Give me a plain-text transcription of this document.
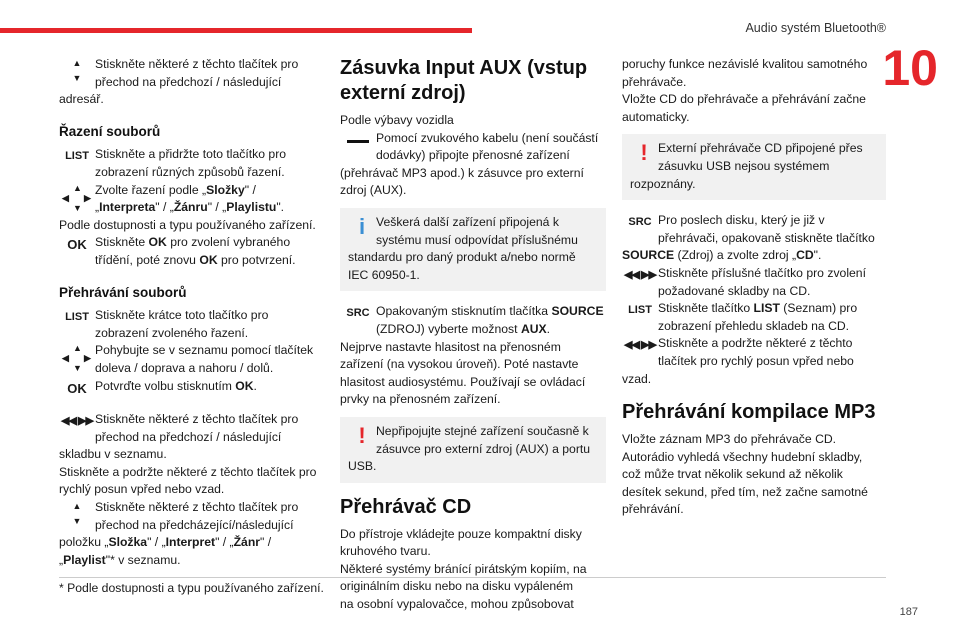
Audio systém Bluetooth®
10
▲
▼
Stiskněte některé z těchto tlačítek pro
přechod na předchozí / následující
adresář.
Řazení souborů
LIST Stiskněte a přidržte toto tlačítko pro
zobrazení různých způsobů řazení.
▲
◀ ▶
▼
Zvolte řazení podle „Složky" /
„Interpreta" / „Žánru" / „Playlistu".
Podle dostupnosti a typu používaného zařízení.
OK Stiskněte OK pro zvolení vybraného
třídění, poté znovu OK pro potvrzení.
Přehrávání souborů
LIST Stiskněte krátce toto tlačítko pro
zobrazení zvoleného řazení.
▲
◀ ▶
▼
Pohybujte se v seznamu pomocí tlačítek
doleva / doprava a nahoru / dolů.
OK Potvrďte volbu stisknutím OK.
◀◀ ▶▶ Stiskněte některé z těchto tlačítek pro
přechod na předchozí / následující
skladbu v seznamu.
Stiskněte a podržte některé z těchto tlačítek pro
rychlý posun vpřed nebo vzad.
▲
▼
Stiskněte některé z těchto tlačítek pro
přechod na předcházející/následující
položku „Složka" / „Interpret" / „Žánr" /
„Playlist"* v seznamu.
Zásuvka Input AUX (vstup externí zdroj)
Podle výbavy vozidla
Pomocí zvukového kabelu (není součástí
dodávky) připojte přenosné zařízení
(přehrávač MP3 apod.) k zásuvce pro externí
zdroj (AUX).
i Veškerá další zařízení připojená k
systému musí odpovídat příslušnému
standardu pro daný produkt a/nebo normě
IEC 60950-1.
SRC Opakovaným stisknutím tlačítka SOURCE
(ZDROJ) vyberte možnost AUX.
Nejprve nastavte hlasitost na přenosném
zařízení (na vysokou úroveň). Poté nastavte
hlasitost audiosystému. Používají se ovládací
prvky na přenosném zařízení.
! Nepřipojujte stejné zařízení současně k
zásuvce pro externí zdroj (AUX) a portu
USB.
Přehrávač CD
Do přístroje vkládejte pouze kompaktní disky
kruhového tvaru.
Některé systémy bránící pirátským kopiím, na
originálním disku nebo na disku vypáleném
na osobní vypalovačce, mohou způsobovat
poruchy funkce nezávislé kvalitou samotného
přehrávače.
Vložte CD do přehrávače a přehrávání začne
automaticky.
! Externí přehrávače CD připojené přes
zásuvku USB nejsou systémem
rozpoznány.
SRC Pro poslech disku, který je již v
přehrávači, opakovaně stiskněte tlačítko
SOURCE (Zdroj) a zvolte zdroj „CD".
◀◀ ▶▶ Stiskněte příslušné tlačítko pro zvolení
požadované skladby na CD.
LIST Stiskněte tlačítko LIST (Seznam) pro
zobrazení přehledu skladeb na CD.
◀◀ ▶▶ Stiskněte a podržte některé z těchto
tlačítek pro rychlý posun vpřed nebo
vzad.
Přehrávání kompilace MP3
Vložte záznam MP3 do přehrávače CD.
Autorádio vyhledá všechny hudební skladby,
což může trvat několik sekund až několik
desítek sekund, před tím, než začne samotné
přehrávání.
* Podle dostupnosti a typu používaného zařízení.
187
